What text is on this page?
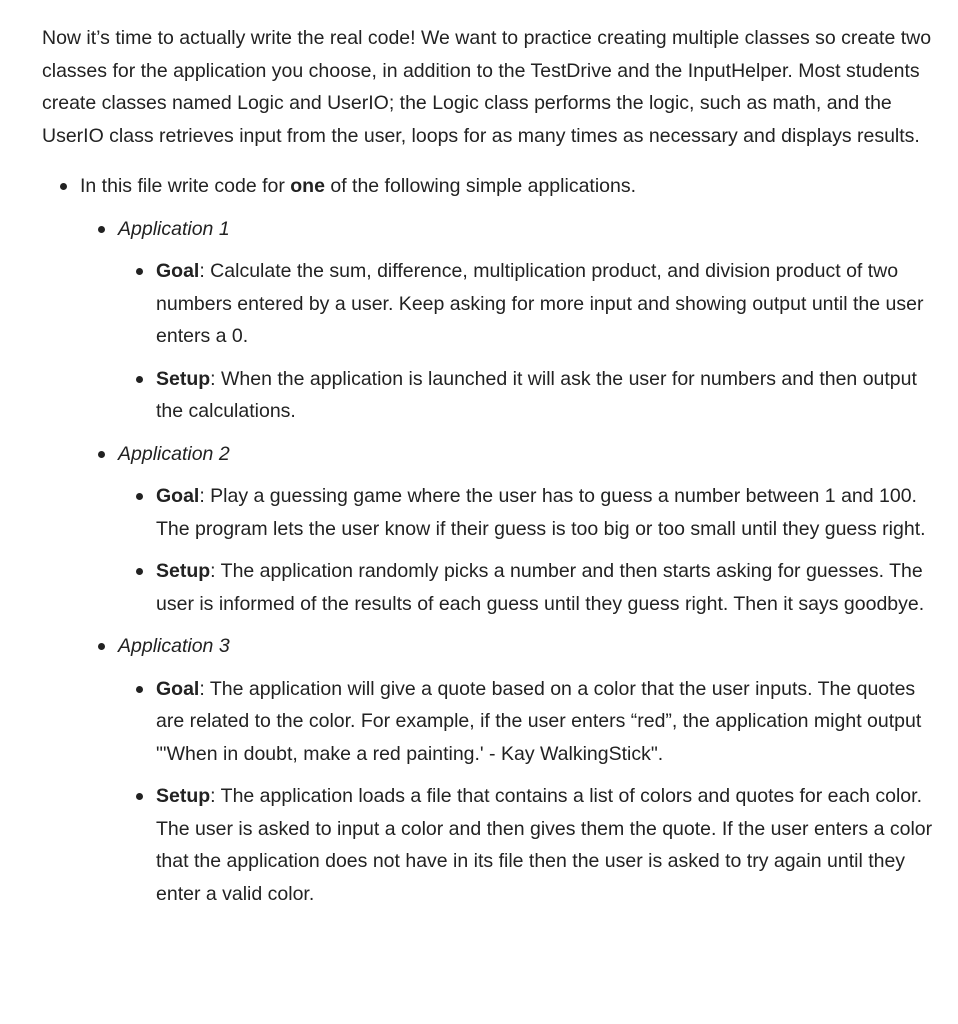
Now it’s time to actually write the real code! We want to practice creating multiple classes so create two classes for the application you choose, in addition to the TestDrive and the InputHelper. Most students create classes named Logic and UserIO; the Logic class performs the logic, such as math, and the UserIO class retrieves input from the user, loops for as many times as necessary and displays results.

In this file write code for one of the following simple applications.
Application 1
Goal: Calculate the sum, difference, multiplication product, and division product of two numbers entered by a user. Keep asking for more input and showing output until the user enters a 0.
Setup: When the application is launched it will ask the user for numbers and then output the calculations.
Application 2
Goal: Play a guessing game where the user has to guess a number between 1 and 100. The program lets the user know if their guess is too big or too small until they guess right.
Setup: The application randomly picks a number and then starts asking for guesses. The user is informed of the results of each guess until they guess right. Then it says goodbye.
Application 3
Goal: The application will give a quote based on a color that the user inputs. The quotes are related to the color. For example, if the user enters “red”, the application might output "'When in doubt, make a red painting.' - Kay WalkingStick".
Setup: The application loads a file that contains a list of colors and quotes for each color. The user is asked to input a color and then gives them the quote. If the user enters a color that the application does not have in its file then the user is asked to try again until they enter a valid color.
